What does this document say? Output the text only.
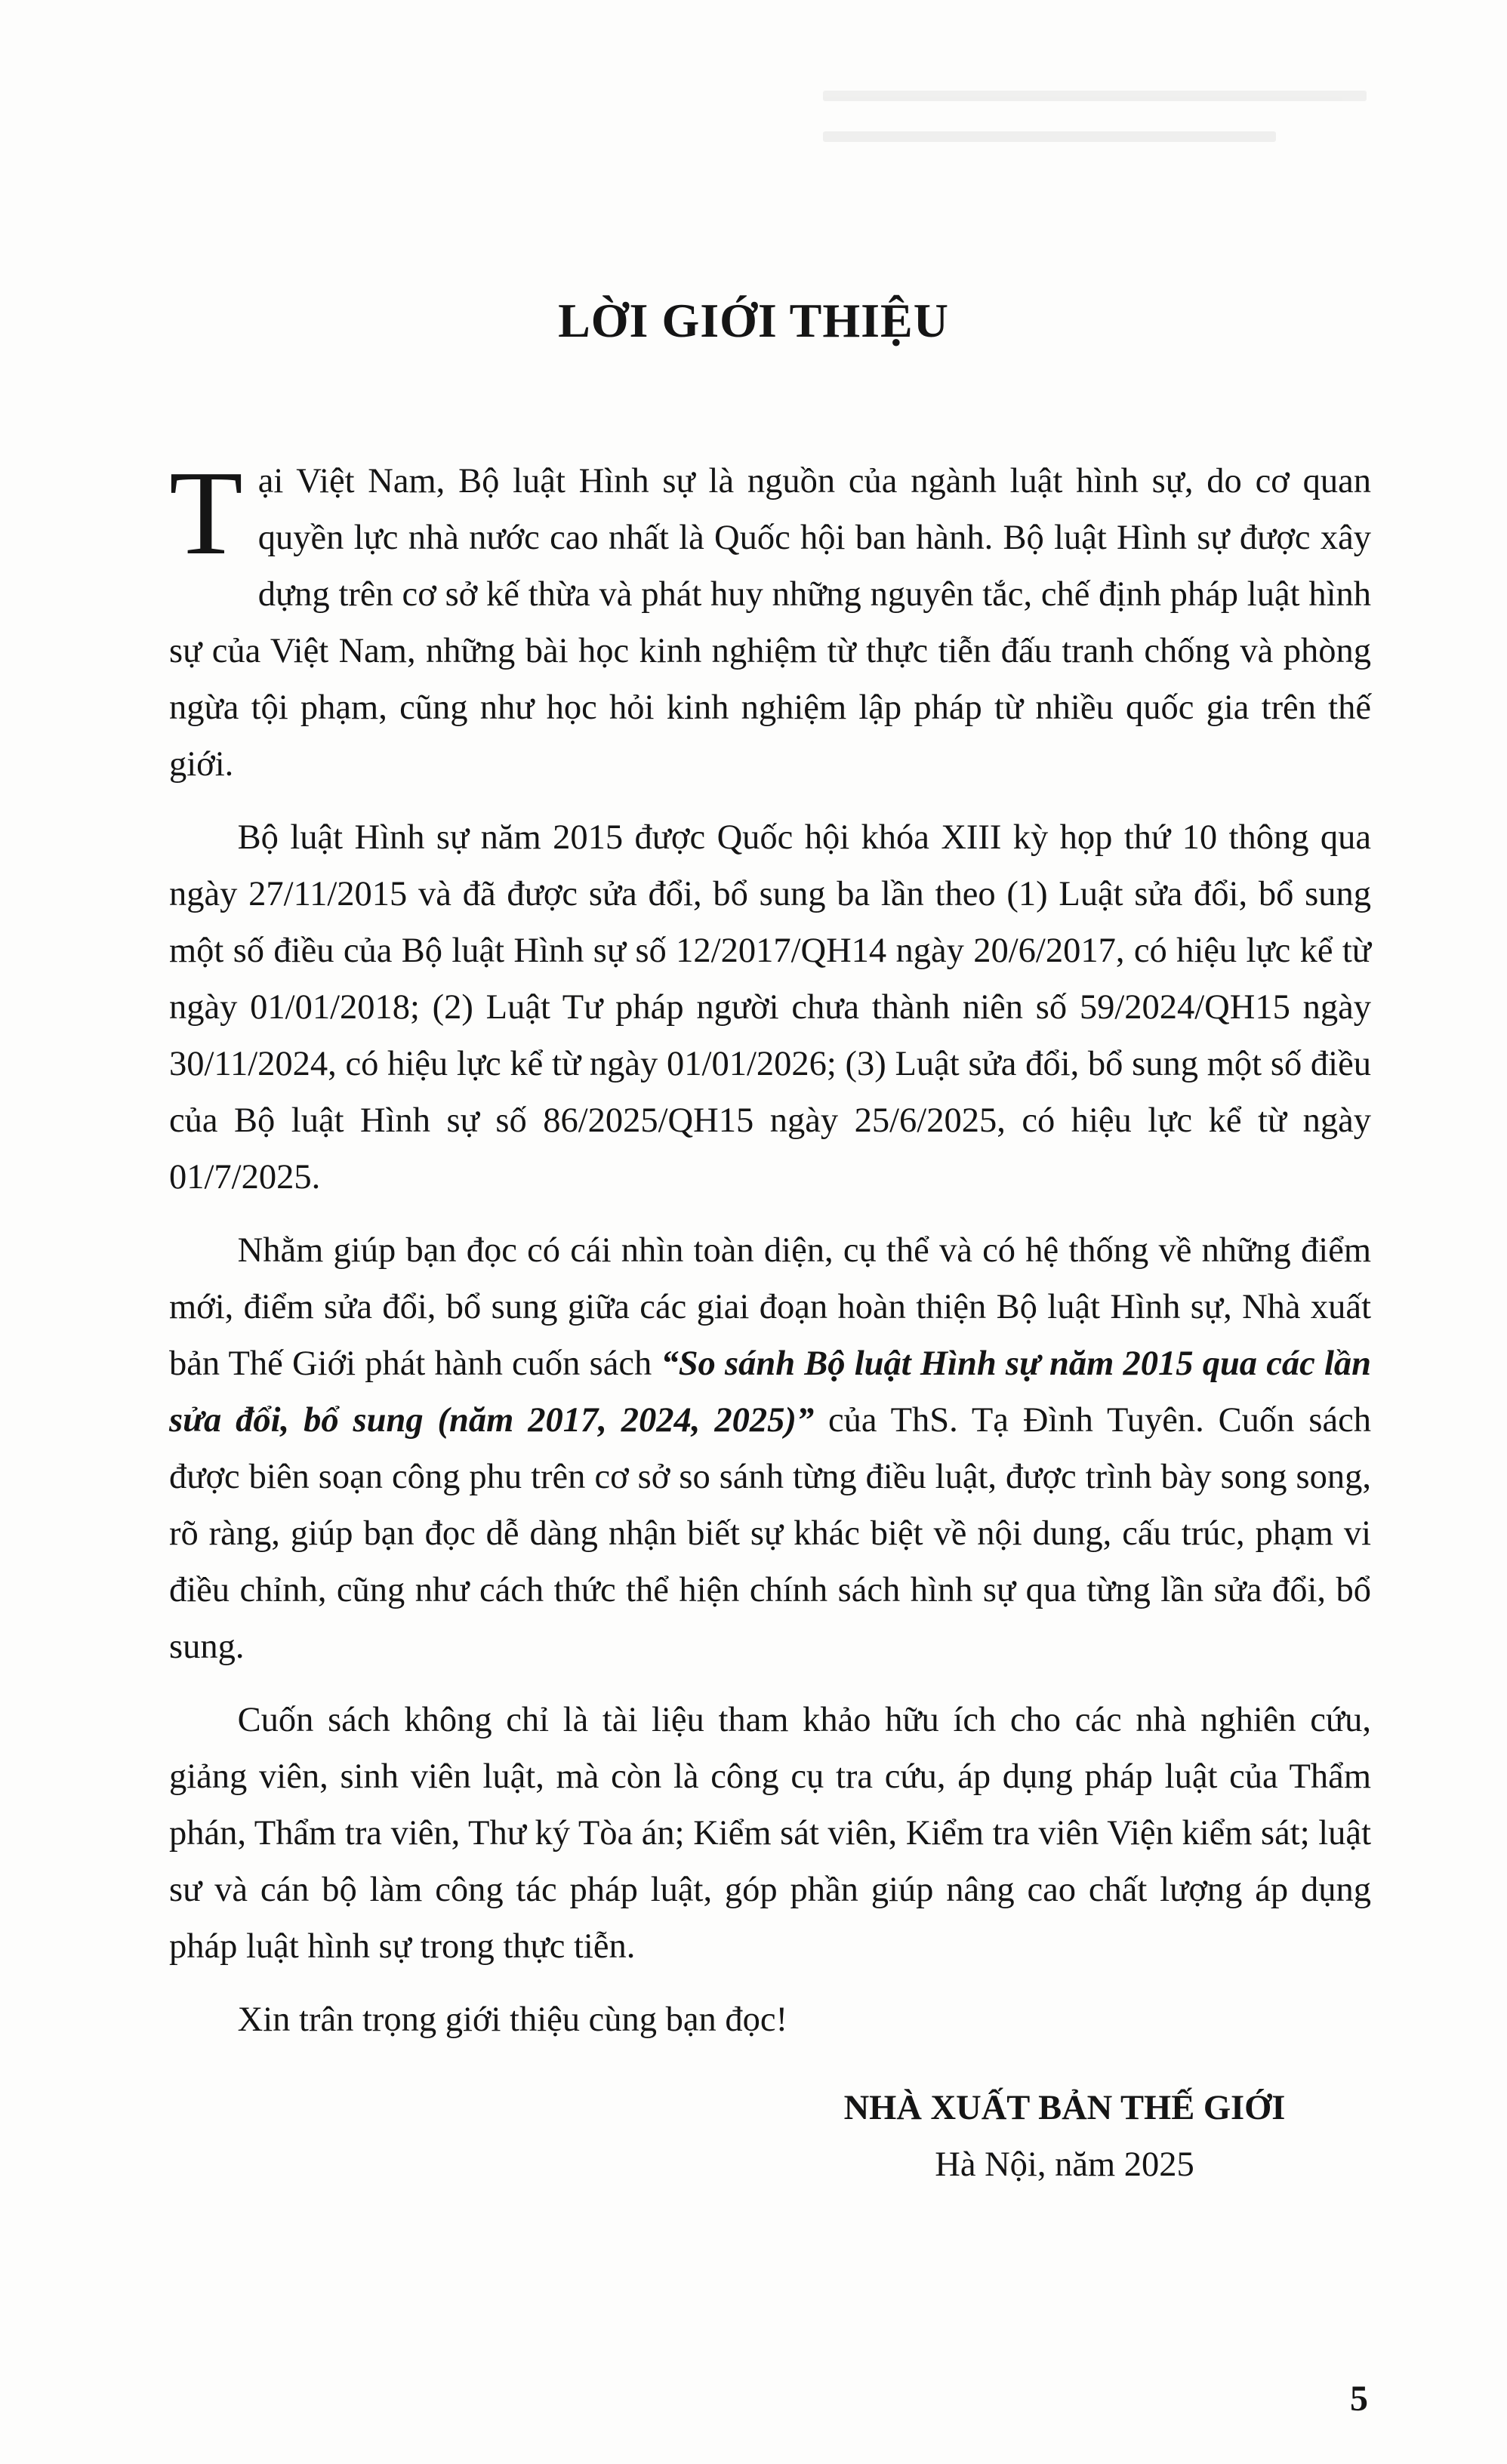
LỜI GIỚI THIỆU

Tại Việt Nam, Bộ luật Hình sự là nguồn của ngành luật hình sự, do cơ quan quyền lực nhà nước cao nhất là Quốc hội ban hành. Bộ luật Hình sự được xây dựng trên cơ sở kế thừa và phát huy những nguyên tắc, chế định pháp luật hình sự của Việt Nam, những bài học kinh nghiệm từ thực tiễn đấu tranh chống và phòng ngừa tội phạm, cũng như học hỏi kinh nghiệm lập pháp từ nhiều quốc gia trên thế giới.

Bộ luật Hình sự năm 2015 được Quốc hội khóa XIII kỳ họp thứ 10 thông qua ngày 27/11/2015 và đã được sửa đổi, bổ sung ba lần theo (1) Luật sửa đổi, bổ sung một số điều của Bộ luật Hình sự số 12/2017/QH14 ngày 20/6/2017, có hiệu lực kể từ ngày 01/01/2018; (2) Luật Tư pháp người chưa thành niên số 59/2024/QH15 ngày 30/11/2024, có hiệu lực kể từ ngày 01/01/2026; (3) Luật sửa đổi, bổ sung một số điều của Bộ luật Hình sự số 86/2025/QH15 ngày 25/6/2025, có hiệu lực kể từ ngày 01/7/2025.

Nhằm giúp bạn đọc có cái nhìn toàn diện, cụ thể và có hệ thống về những điểm mới, điểm sửa đổi, bổ sung giữa các giai đoạn hoàn thiện Bộ luật Hình sự, Nhà xuất bản Thế Giới phát hành cuốn sách “So sánh Bộ luật Hình sự năm 2015 qua các lần sửa đổi, bổ sung (năm 2017, 2024, 2025)” của ThS. Tạ Đình Tuyên. Cuốn sách được biên soạn công phu trên cơ sở so sánh từng điều luật, được trình bày song song, rõ ràng, giúp bạn đọc dễ dàng nhận biết sự khác biệt về nội dung, cấu trúc, phạm vi điều chỉnh, cũng như cách thức thể hiện chính sách hình sự qua từng lần sửa đổi, bổ sung.

Cuốn sách không chỉ là tài liệu tham khảo hữu ích cho các nhà nghiên cứu, giảng viên, sinh viên luật, mà còn là công cụ tra cứu, áp dụng pháp luật của Thẩm phán, Thẩm tra viên, Thư ký Tòa án; Kiểm sát viên, Kiểm tra viên Viện kiểm sát; luật sư và cán bộ làm công tác pháp luật, góp phần giúp nâng cao chất lượng áp dụng pháp luật hình sự trong thực tiễn.

Xin trân trọng giới thiệu cùng bạn đọc!

NHÀ XUẤT BẢN THẾ GIỚI
Hà Nội, năm 2025
5
